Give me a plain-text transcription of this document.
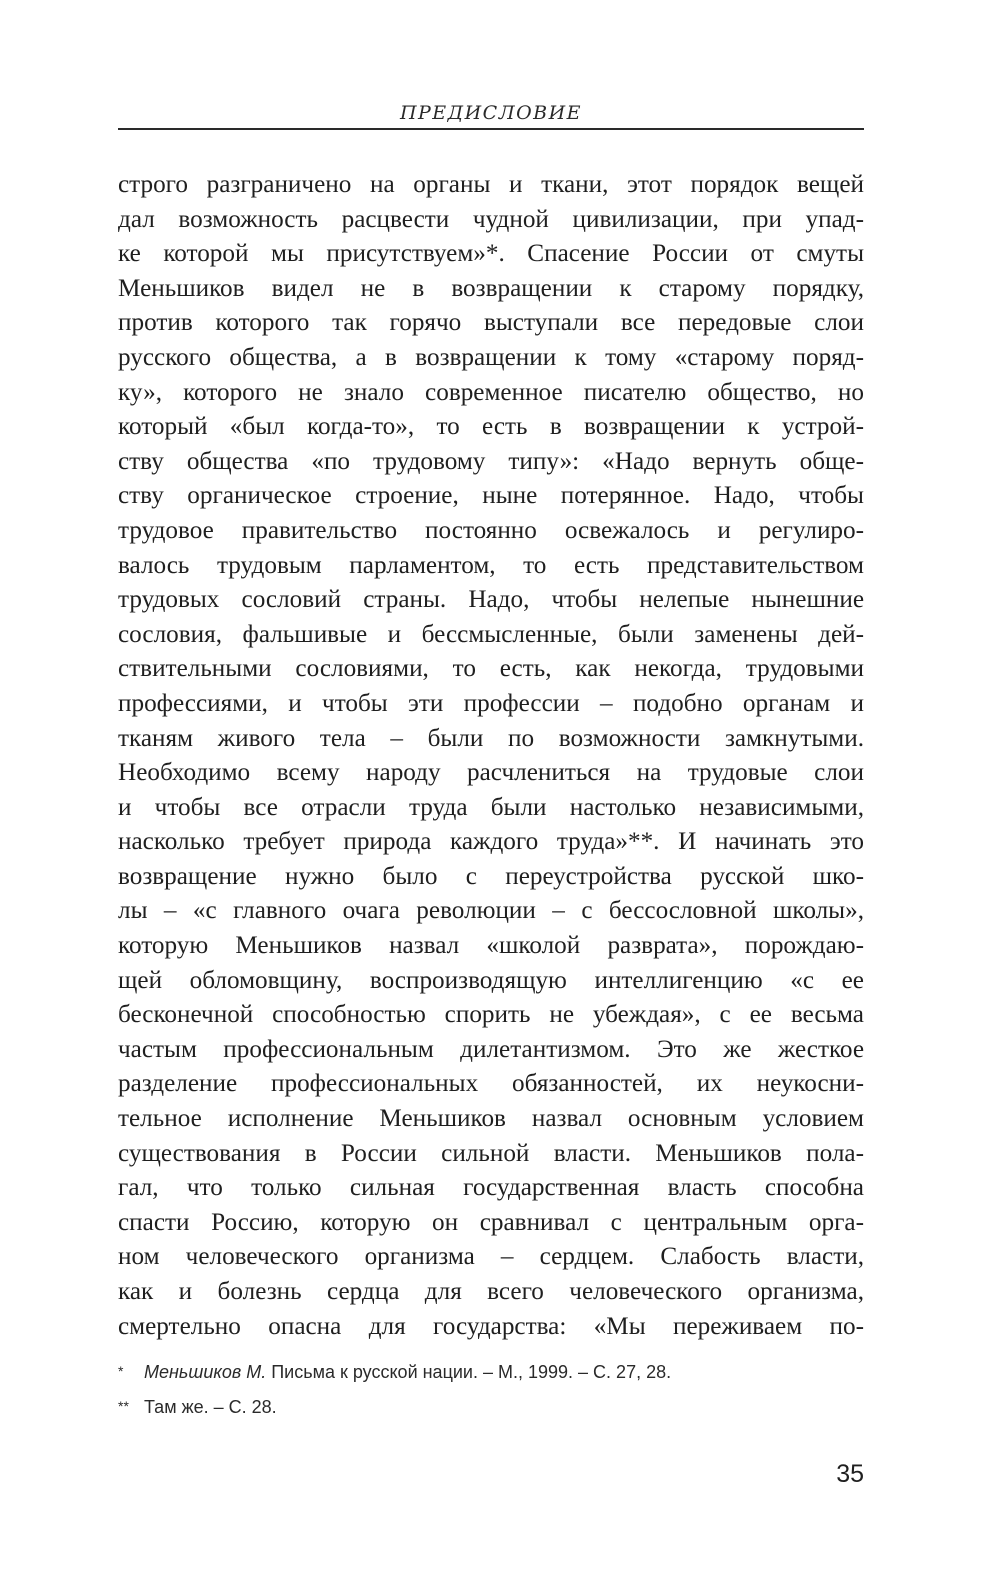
ПРЕДИСЛОВИЕ
строго разграничено на органы и ткани, этот порядок вещей
дал возможность расцвести чудной цивилизации, при упад-
ке которой мы присутствуем»*. Спасение России от смуты
Меньшиков видел не в возвращении к старому порядку,
против которого так горячо выступали все передовые слои
русского общества, а в возвращении к тому «старому поряд-
ку», которого не знало современное писателю общество, но
который «был когда-то», то есть в возвращении к устрой-
ству общества «по трудовому типу»: «Надо вернуть обще-
ству органическое строение, ныне потерянное. Надо, чтобы
трудовое правительство постоянно освежалось и регулиро-
валось трудовым парламентом, то есть представительством
трудовых сословий страны. Надо, чтобы нелепые нынешние
сословия, фальшивые и бессмысленные, были заменены дей-
ствительными сословиями, то есть, как некогда, трудовыми
профессиями, и чтобы эти профессии – подобно органам и
тканям живого тела – были по возможности замкнутыми.
Необходимо всему народу расчлениться на трудовые слои
и чтобы все отрасли труда были настолько независимыми,
насколько требует природа каждого труда»**. И начинать это
возвращение нужно было с переустройства русской шко-
лы – «с главного очага революции – с бессословной школы»,
которую Меньшиков назвал «школой разврата», порождаю-
щей обломовщину, воспроизводящую интеллигенцию «с ее
бесконечной способностью спорить не убеждая», с ее весьма
частым профессиональным дилетантизмом. Это же жесткое
разделение профессиональных обязанностей, их неукосни-
тельное исполнение Меньшиков назвал основным условием
существования в России сильной власти. Меньшиков пола-
гал, что только сильная государственная власть способна
спасти Россию, которую он сравнивал с центральным орга-
ном человеческого организма – сердцем. Слабость власти,
как и болезнь сердца для всего человеческого организма,
смертельно опасна для государства: «Мы переживаем по-
* Меньшиков М. Письма к русской нации. – М., 1999. – С. 27, 28.
** Там же. – С. 28.
35
